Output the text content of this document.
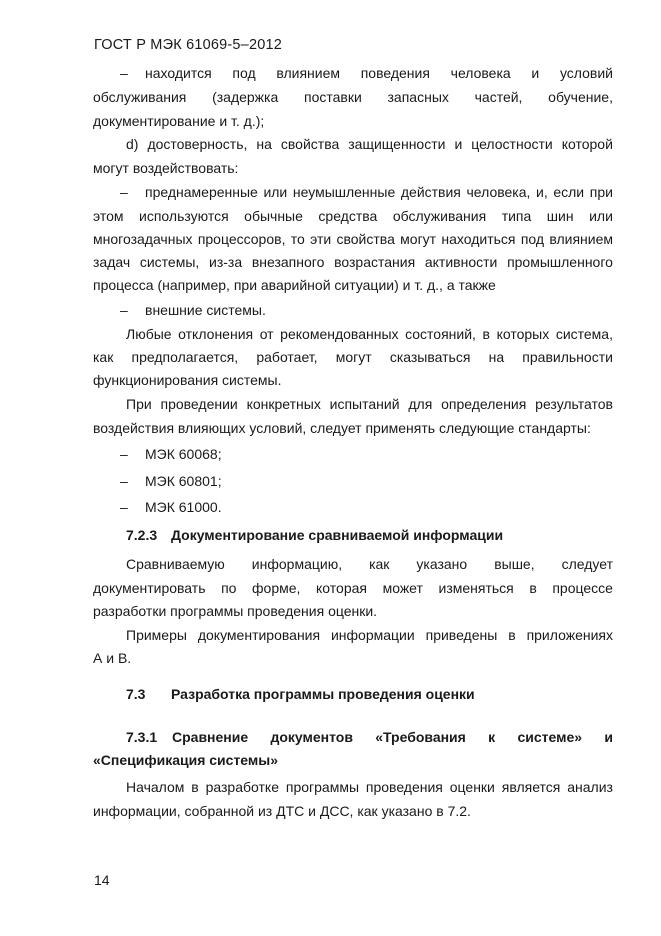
ГОСТ Р МЭК 61069-5–2012
– находится под влиянием поведения человека и условий
обслуживания (задержка поставки запасных частей, обучение,
документирование и т. д.);
d) достоверность, на свойства защищенности и целостности которой
могут воздействовать:
– преднамеренные или неумышленные действия человека, и, если при
этом используются обычные средства обслуживания типа шин или
многозадачных процессоров, то эти свойства могут находиться под влиянием
задач системы, из-за внезапного возрастания активности промышленного
процесса (например, при аварийной ситуации) и т. д., а также
– внешние системы.
Любые отклонения от рекомендованных состояний, в которых система,
как предполагается, работает, могут сказываться на правильности
функционирования системы.
При проведении конкретных испытаний для определения результатов
воздействия влияющих условий, следует применять следующие стандарты:
– МЭК 60068;
– МЭК 60801;
– МЭК 61000.
7.2.3 Документирование сравниваемой информации
Сравниваемую информацию, как указано выше, следует
документировать по форме, которая может изменяться в процессе
разработки программы проведения оценки.
Примеры документирования информации приведены в приложениях
А и В.
7.3 Разработка программы проведения оценки
7.3.1 Сравнение документов «Требования к системе» и
«Спецификация системы»
Началом в разработке программы проведения оценки является анализ
информации, собранной из ДТС и ДСС, как указано в 7.2.
14
